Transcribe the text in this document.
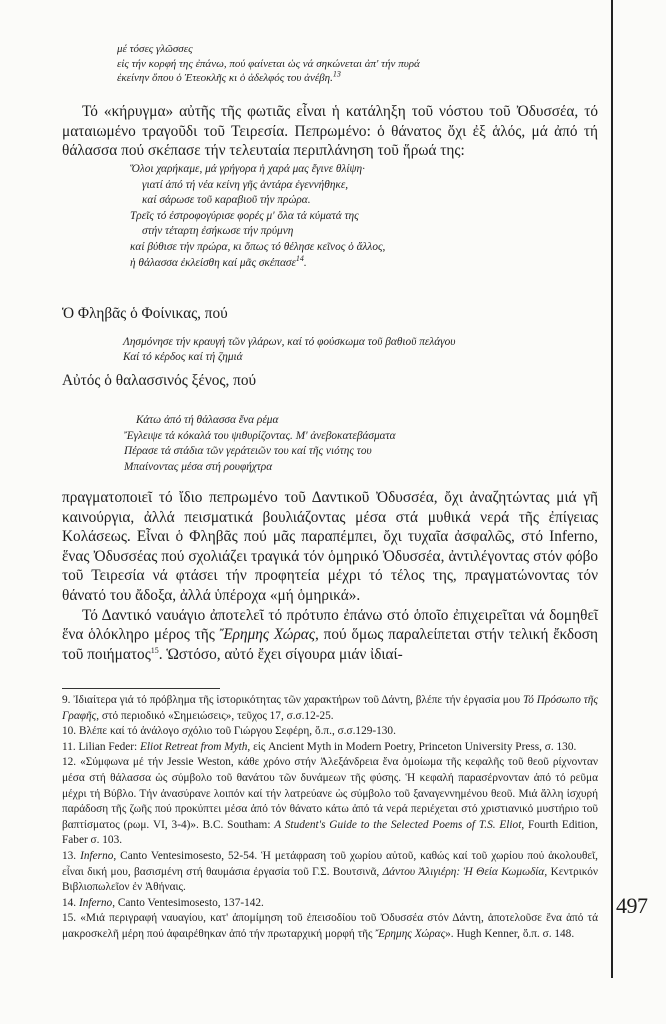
497
μέ τόσες γλῶσσες
εἰς τήν κορφή της ἐπάνω, πού φαίνεται ὡς νά σηκώνεται ἀπ' τήν πυρά
ἐκείνην ὅπου ὁ Ἐτεοκλῆς κι ὁ ἀδελφός του ἀνέβη.$^{13}$

Τό «κήρυγμα» αὐτῆς τῆς φωτιᾶς εἶναι ἡ κατάληξη τοῦ νόστου τοῦ Ὀδυσσέα, τό ματαιωμένο τραγοῦδι τοῦ Τειρεσία. Πεπρωμένο: ὁ θάνατος ὄχι ἐξ ἁλός, μά ἀπό τή θάλασσα πού σκέπασε τήν τελευταία περιπλάνηση τοῦ ἥρωά της:

Ὅλοι χαρήκαμε, μά γρήγορα ἡ χαρά μας ἔγινε θλίψη·
γιατί ἀπό τή νέα κείνη γῆς ἀντάρα ἐγεννήθηκε,
καί σάρωσε τοῦ καραβιοῦ τήν πρώρα.
Τρεῖς τό ἐστροφογύρισε φορές μ' ὅλα τά κύματά της
στήν τέταρτη ἐσήκωσε τήν πρύμνη
καί βύθισε τήν πρώρα, κι ὅπως τό θέλησε κεῖνος ὁ ἄλλος,
ἡ θάλασσα ἐκλείσθη καί μᾶς σκέπασε$^{14}$.
Ὁ Φληβᾶς ὁ Φοίνικας, πού
Λησμόνησε τήν κραυγή τῶν γλάρων, καί τό φούσκωμα τοῦ βαθιοῦ πελάγου
Καί τό κέρδος καί τή ζημιά
Αὐτός ὁ θαλασσινός ξένος, πού
Κάτω ἀπό τή θάλασσα ἕνα ρέμα
Ἔγλειψε τά κόκαλά του ψιθυρίζοντας. Μ' ἀνεβοκατεβάσματα
Πέρασε τά στάδια τῶν γεράτειῶν του καί τῆς νιότης του
Μπαίνοντας μέσα στή ρουφήχτρα

πραγματοποιεῖ τό ἴδιο πεπρωμένο τοῦ Δαντικοῦ Ὀδυσσέα, ὄχι ἀναζητώντας μιά γῆ καινούργια, ἀλλά πεισματικά βουλιάζοντας μέσα στά μυθικά νερά τῆς ἐπίγειας Κολάσεως. Εἶναι ὁ Φληβᾶς πού μᾶς παραπέμπει, ὄχι τυχαῖα ἀσφαλῶς, στό Inferno, ἕνας Ὀδυσσέας πού σχολιάζει τραγικά τόν ὁμηρικό Ὀδυσσέα, ἀντιλέγοντας στόν φόβο τοῦ Τειρεσία νά φτάσει τήν προφητεία μέχρι τό τέλος της, πραγματώνοντας τόν θάνατό του ἄδοξα, ἀλλά ὑπέροχα «μή ὁμηρικά».

Τό Δαντικό ναυάγιο ἀποτελεῖ τό πρότυπο ἐπάνω στό ὁποῖο ἐπιχειρεῖται νά δομηθεῖ ἕνα ὁλόκληρο μέρος τῆς Ἔρημης Χώρας, πού ὅμως παραλείπεται στήν τελική ἔκδοση τοῦ ποιήματος$^{15}$. Ὡστόσο, αὐτό ἔχει σίγουρα μιάν ἰδιαί-

9. Ἰδιαίτερα γιά τό πρόβλημα τῆς ἱστορικότητας τῶν χαρακτήρων τοῦ Δάντη, βλέπε τήν ἐργασία μου Τό Πρόσωπο τῆς Γραφῆς, στό περιοδικό «Σημειώσεις», τεῦχος 17, σ.σ.12-25.

10. Βλέπε καί τό ἀνάλογο σχόλιο τοῦ Γιώργου Σεφέρη, ὅ.π., σ.σ.129-130.

11. Lilian Feder: Eliot Retreat from Myth, εἰς Ancient Myth in Modern Poetry, Princeton University Press, σ. 130.

12. «Σύμφωνα μέ τήν Jessie Weston, κάθε χρόνο στήν Ἀλεξάνδρεια ἕνα ὁμοίωμα τῆς κεφαλῆς τοῦ θεοῦ ρίχνονταν μέσα στή θάλασσα ὡς σύμβολο τοῦ θανάτου τῶν δυνάμεων τῆς φύσης. Ἡ κεφαλή παρασέρνονταν ἀπό τό ρεῦμα μέχρι τή Βύβλο. Τήν ἀνασύρανε λοιπόν καί τήν λατρεύανε ὡς σύμβολο τοῦ ξαναγεννημένου θεοῦ. Μιά ἄλλη ἰσχυρή παράδοση τῆς ζωῆς πού προκύπτει μέσα ἀπό τόν θάνατο κάτω ἀπό τά νερά περιέχεται στό χριστιανικό μυστήριο τοῦ βαπτίσματος (ρωμ. VI, 3-4)». B.C. Southam: A Student's Guide to the Selected Poems of T.S. Eliot, Fourth Edition, Faber σ. 103.

13. Inferno, Canto Ventesimosesto, 52-54. Ἡ μετάφραση τοῦ χωρίου αὐτοῦ, καθώς καί τοῦ χωρίου πού ἀκολουθεῖ, εἶναι δική μου, βασισμένη στή θαυμάσια ἐργασία τοῦ Γ.Σ. Βουτσινᾶ, Δάντου Ἀλιγιέρη: Ἡ Θεία Κωμωδία, Κεντρικόν Βιβλιοπωλεῖον ἐν Ἀθήναις.

14. Inferno, Canto Ventesimosesto, 137-142.

15. «Μιά περιγραφή ναυαγίου, κατ' ἀπομίμηση τοῦ ἐπεισοδίου τοῦ Ὀδυσσέα στόν Δάντη, ἀποτελοῦσε ἕνα ἀπό τά μακροσκελῆ μέρη πού ἀφαιρέθηκαν ἀπό τήν πρωταρχική μορφή τῆς Ἔρημης Χώρας». Hugh Kenner, ὅ.π. σ. 148.
